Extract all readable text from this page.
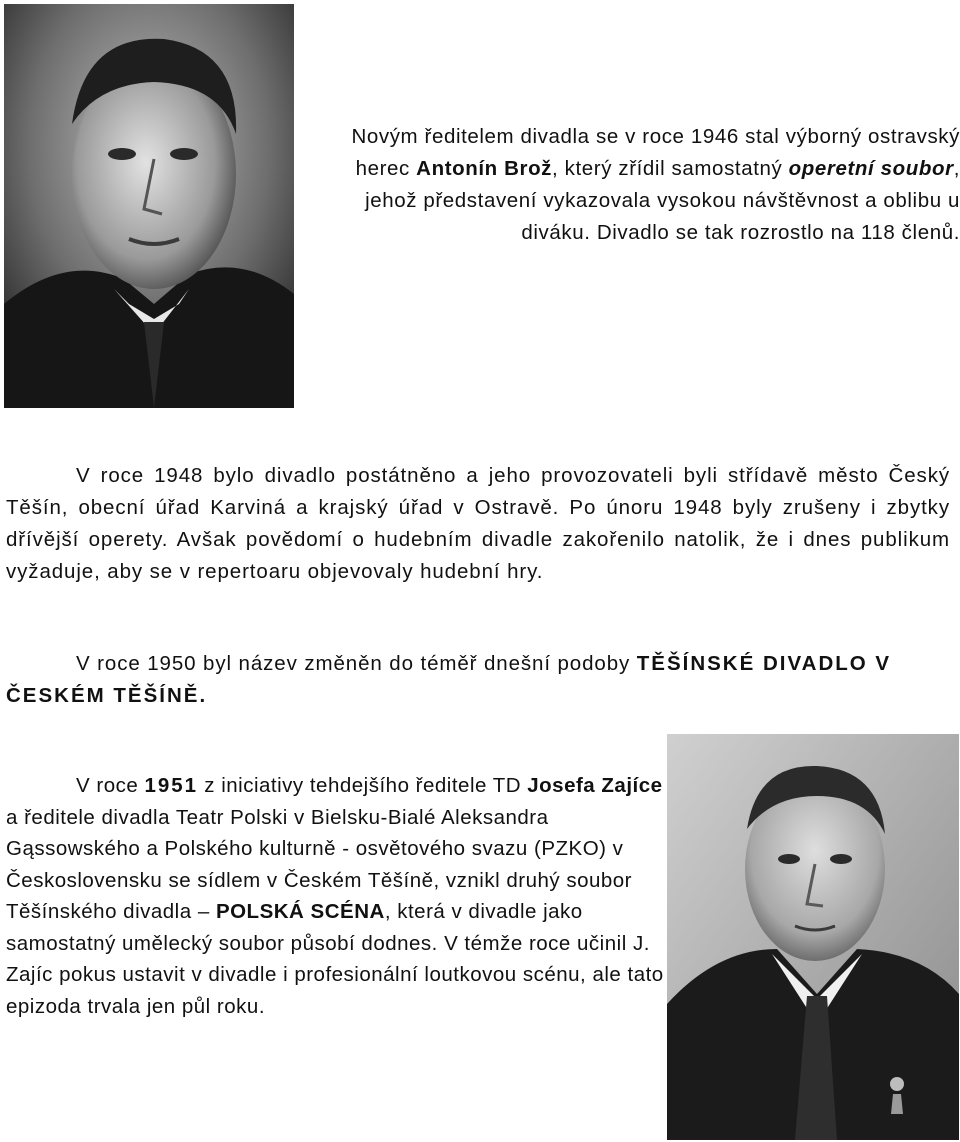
Novým ředitelem divadla se v roce 1946 stal výborný ostravský herec Antonín Brož, který zřídil samostatný operetní soubor, jehož představení vykazovala vysokou návštěvnost a oblibu u diváku. Divadlo se tak rozrostlo na 118 členů.

V roce 1948 bylo divadlo postátněno a jeho provozovateli byli střídavě město Český Těšín, obecní úřad Karviná a krajský úřad v Ostravě. Po únoru 1948 byly zrušeny i zbytky dřívější operety. Avšak povědomí o hudebním divadle zakořenilo natolik, že i dnes publikum vyžaduje, aby se v repertoaru objevovaly hudební hry.

V roce 1950 byl název změněn do téměř dnešní podoby TĚŠÍNSKÉ DIVADLO V ČESKÉM TĚŠÍNĚ.

V roce 1951 z iniciativy tehdejšího ředitele TD Josefa Zajíce a ředitele divadla Teatr Polski v Bielsku-Bialé Aleksandra Gąssowského a Polského kulturně - osvětového svazu (PZKO) v Československu se sídlem v Českém Těšíně, vznikl druhý soubor Těšínského divadla – POLSKÁ SCÉNA, která v divadle jako samostatný umělecký soubor působí dodnes. V témže roce učinil J. Zajíc pokus ustavit v divadle i profesionální loutkovou scénu, ale tato epizoda trvala jen půl roku.
